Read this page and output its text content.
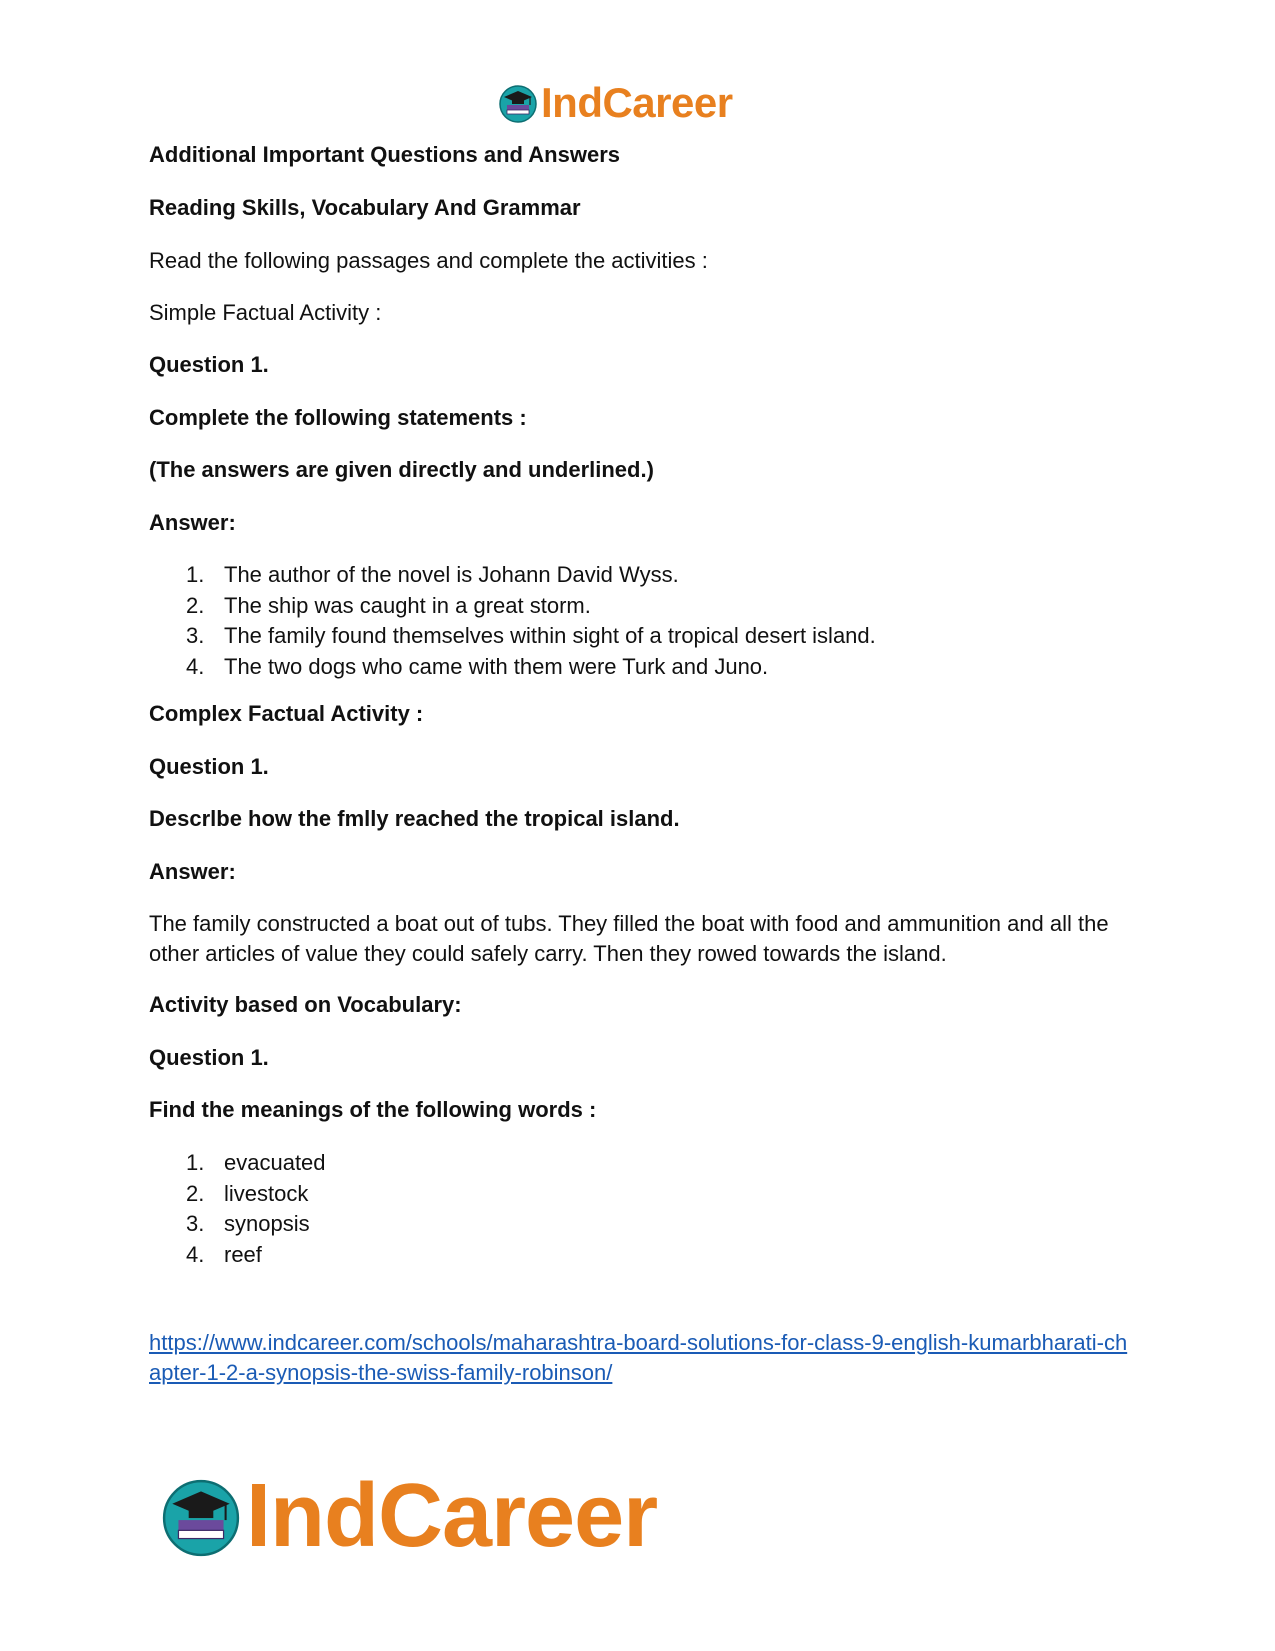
IndCareer
Additional Important Questions and Answers
Reading Skills, Vocabulary And Grammar
Read the following passages and complete the activities :
Simple Factual Activity :
Question 1.
Complete the following statements :
(The answers are given directly and underlined.)
Answer:
1. The author of the novel is Johann David Wyss.
2. The ship was caught in a great storm.
3. The family found themselves within sight of a tropical desert island.
4. The two dogs who came with them were Turk and Juno.
Complex Factual Activity :
Question 1.
Descrlbe how the fmlly reached the tropical island.
Answer:
The family constructed a boat out of tubs. They filled the boat with food and ammunition and all the other articles of value they could safely carry. Then they rowed towards the island.
Activity based on Vocabulary:
Question 1.
Find the meanings of the following words :
1. evacuated
2. livestock
3. synopsis
4. reef
https://www.indcareer.com/schools/maharashtra-board-solutions-for-class-9-english-kumarbharati-chapter-1-2-a-synopsis-the-swiss-family-robinson/
IndCareer
